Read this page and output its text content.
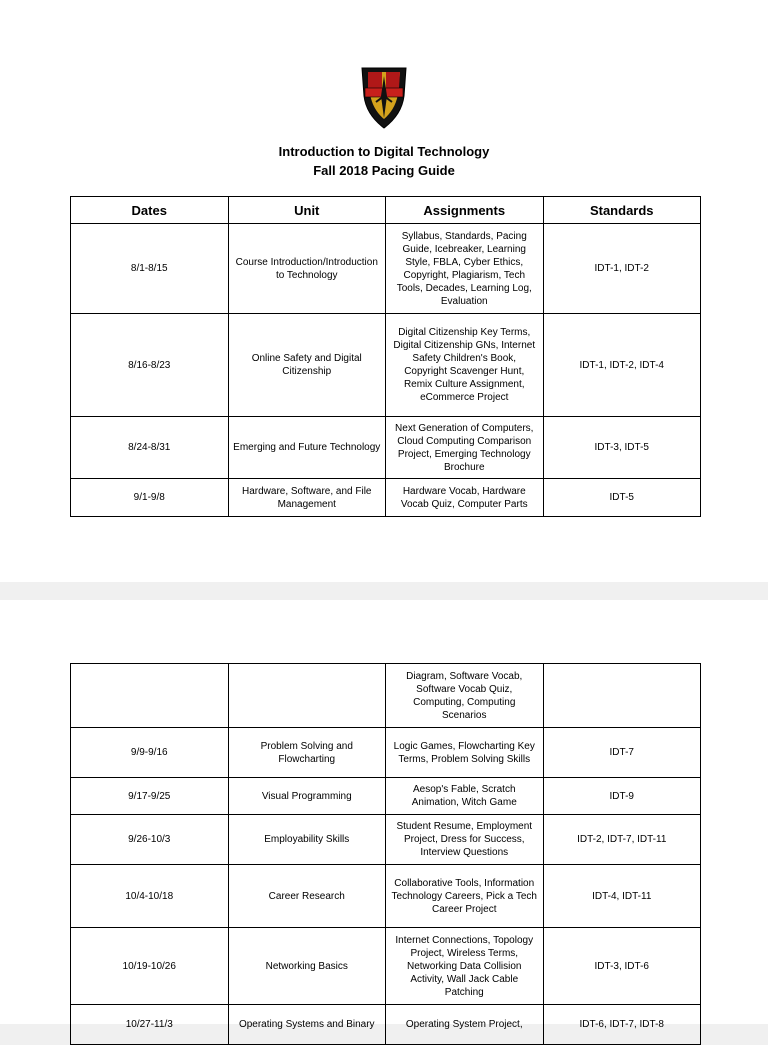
Introduction to Digital Technology
Fall 2018 Pacing Guide
Dates	Unit	Assignments	Standards
8/1-8/15	Course Introduction/Introduction to Technology	Syllabus, Standards, Pacing Guide, Icebreaker, Learning Style, FBLA, Cyber Ethics, Copyright, Plagiarism, Tech Tools, Decades, Learning Log, Evaluation	IDT-1, IDT-2
8/16-8/23	Online Safety and Digital Citizenship	Digital Citizenship Key Terms, Digital Citizenship GNs, Internet Safety Children's Book, Copyright Scavenger Hunt, Remix Culture Assignment, eCommerce Project	IDT-1, IDT-2, IDT-4
8/24-8/31	Emerging and Future Technology	Next Generation of Computers, Cloud Computing Comparison Project, Emerging Technology Brochure	IDT-3, IDT-5
9/1-9/8	Hardware, Software, and File Management	Hardware Vocab, Hardware Vocab Quiz, Computer Parts	IDT-5
		Diagram, Software Vocab, Software Vocab Quiz, Computing, Computing Scenarios	
9/9-9/16	Problem Solving and Flowcharting	Logic Games, Flowcharting Key Terms, Problem Solving Skills	IDT-7
9/17-9/25	Visual Programming	Aesop's Fable, Scratch Animation, Witch Game	IDT-9
9/26-10/3	Employability Skills	Student Resume, Employment Project, Dress for Success, Interview Questions	IDT-2, IDT-7, IDT-11
10/4-10/18	Career Research	Collaborative Tools, Information Technology Careers, Pick a Tech Career Project	IDT-4, IDT-11
10/19-10/26	Networking Basics	Internet Connections, Topology Project, Wireless Terms, Networking Data Collision Activity, Wall Jack Cable Patching	IDT-3, IDT-6
10/27-11/3	Operating Systems and Binary	Operating System Project,	IDT-6, IDT-7, IDT-8
